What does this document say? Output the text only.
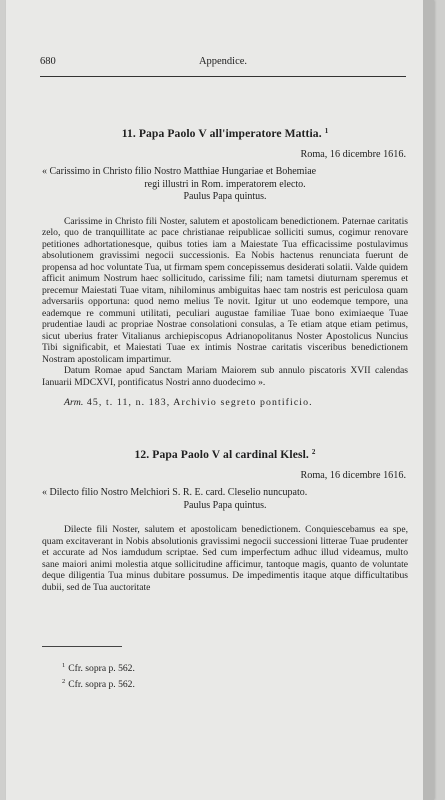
680	Appendice.
11. Papa Paolo V all'imperatore Mattia. $^1$
Roma, 16 dicembre 1616.
« Carissimo in Christo filio Nostro Matthiae Hungariae et Bohemiae
regi illustri in Rom. imperatorem electo.
Paulus Papa quintus.

Carissime in Christo fili Noster, salutem et apostolicam benedictionem. Paternae caritatis zelo, quo de tranquillitate ac pace christianae reipublicae solliciti sumus, cogimur renovare petitiones adhortationesque, quibus toties iam a Maiestate Tua efficacissime postulavimus absolutionem gravissimi negocii successionis. Ea Nobis hactenus renunciata fuerunt de propensa ad hoc voluntate Tua, ut firmam spem concepissemus desiderati solatii. Valde quidem afficit animum Nostrum haec sollicitudo, carissime fili; nam tametsi diuturnam speremus et precemur Maiestati Tuae vitam, nihilominus ambiguitas haec tam nostris est periculosa quam adversariis opportuna: quod nemo melius Te novit. Igitur ut uno eodemque tempore, una eademque re communi utilitati, peculiari augustae familiae Tuae bono eximiaeque Tuae prudentiae laudi ac propriae Nostrae consolationi consulas, a Te etiam atque etiam petimus, sicut uberius frater Vitalianus archiepiscopus Adrianopolitanus Noster Apostolicus Nuncius Tibi significabit, et Maiestati Tuae ex intimis Nostrae caritatis visceribus benedictionem Nostram apostolicam impartimur.

Datum Romae apud Sanctam Mariam Maiorem sub annulo piscatoris XVII calendas Ianuarii MDCXVI, pontificatus Nostri anno duodecimo ».

Arm. 45, t. 11, n. 183, Archivio segreto pontificio.
12. Papa Paolo V al cardinal Klesl. $^2$
Roma, 16 dicembre 1616.
« Dilecto filio Nostro Melchiori S. R. E. card. Cleselio nuncupato.
Paulus Papa quintus.

Dilecte fili Noster, salutem et apostolicam benedictionem. Conquiescebamus ea spe, quam excitaverant in Nobis absolutionis gravissimi negocii successioni litterae Tuae prudenter et accurate ad Nos iamdudum scriptae. Sed cum imperfectum adhuc illud videamus, multo sane maiori animi molestia atque sollicitudine afficimur, tantoque magis, quanto de voluntate deque diligentia Tua minus dubitare possumus. De impedimentis itaque atque difficultatibus dubii, sed de Tua auctoritate

$^1$ Cfr. sopra p. 562.
$^2$ Cfr. sopra p. 562.
